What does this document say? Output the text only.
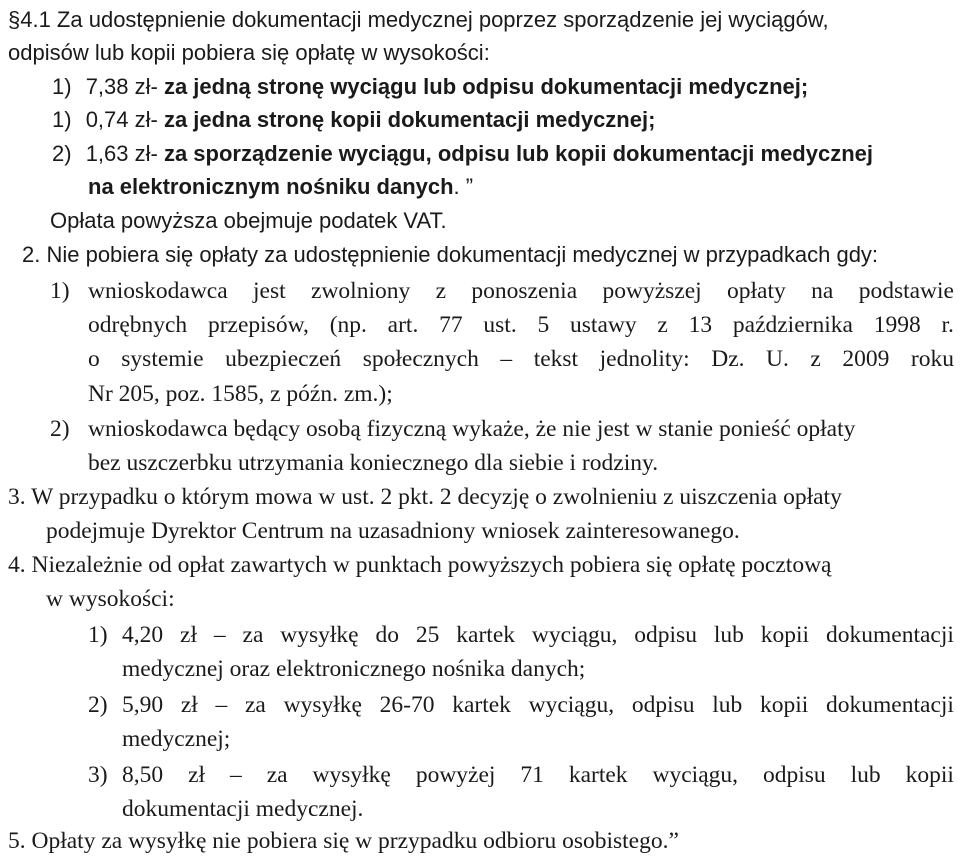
§4.1 Za udostępnienie dokumentacji medycznej poprzez sporządzenie jej wyciągów,
odpisów lub kopii pobiera się opłatę w wysokości:
1) 7,38 zł- za jedną stronę wyciągu lub odpisu dokumentacji medycznej;
1) 0,74 zł- za jedna stronę kopii dokumentacji medycznej;
2) 1,63 zł- za sporządzenie wyciągu, odpisu lub kopii dokumentacji medycznej
na elektronicznym nośniku danych. ”
Opłata powyższa obejmuje podatek VAT.
2. Nie pobiera się opłaty za udostępnienie dokumentacji medycznej w przypadkach gdy:
1) wnioskodawca jest zwolniony z ponoszenia powyższej opłaty na podstawie
odrębnych przepisów, (np. art. 77 ust. 5 ustawy z 13 października 1998 r.
o systemie ubezpieczeń społecznych – tekst jednolity: Dz. U. z 2009 roku
Nr 205, poz. 1585, z późn. zm.);
2) wnioskodawca będący osobą fizyczną wykaże, że nie jest w stanie ponieść opłaty
bez uszczerbku utrzymania koniecznego dla siebie i rodziny.
3. W przypadku o którym mowa w ust. 2 pkt. 2 decyzję o zwolnieniu z uiszczenia opłaty
podejmuje Dyrektor Centrum na uzasadniony wniosek zainteresowanego.
4. Niezależnie od opłat zawartych w punktach powyższych pobiera się opłatę pocztową
w wysokości:
1) 4,20 zł – za wysyłkę do 25 kartek wyciągu, odpisu lub kopii dokumentacji
medycznej oraz elektronicznego nośnika danych;
2) 5,90 zł – za wysyłkę 26-70 kartek wyciągu, odpisu lub kopii dokumentacji
medycznej;
3) 8,50 zł – za wysyłkę powyżej 71 kartek wyciągu, odpisu lub kopii
dokumentacji medycznej.
5. Opłaty za wysyłkę nie pobiera się w przypadku odbioru osobistego.”
